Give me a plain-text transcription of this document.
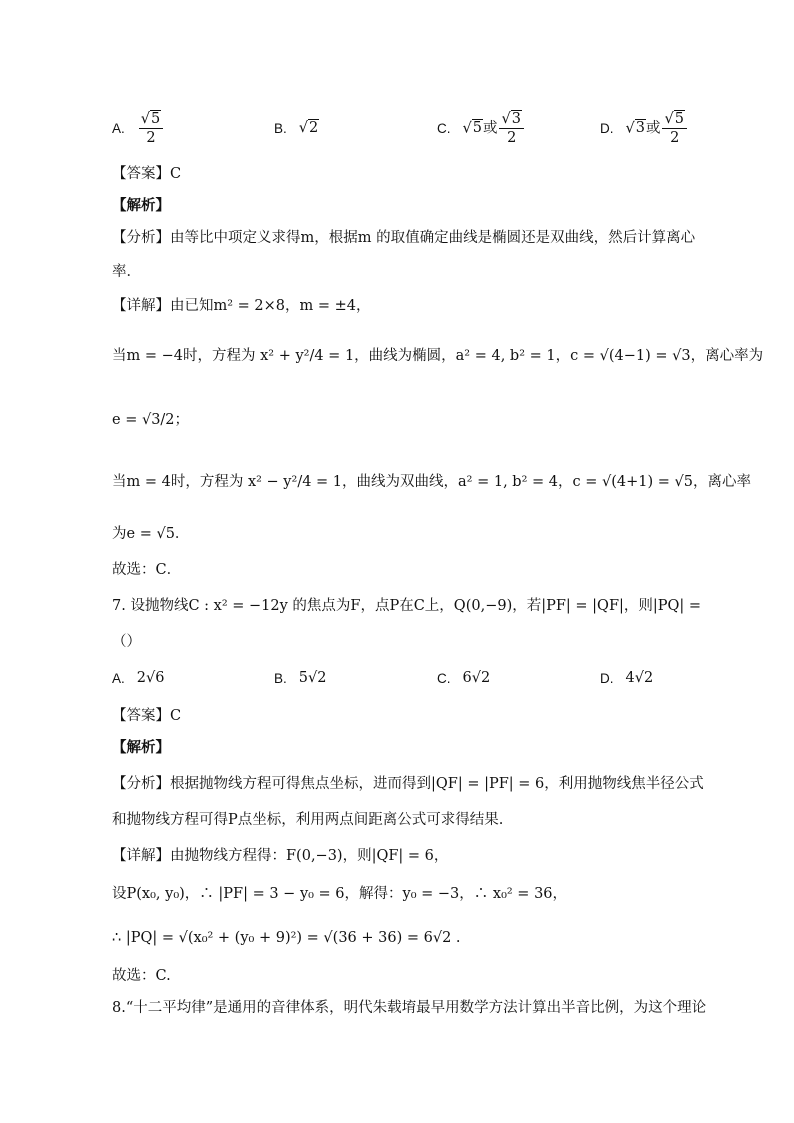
A. $\frac{√5}{2}$	B. √2	C. √5或 $\frac{√3}{2}$	D. √3或 $\frac{√5}{2}$
【答案】C
【解析】
【分析】由等比中项定义求得m，根据m 的取值确定曲线是椭圆还是双曲线，然后计算离心
率．
【详解】由已知m² = 2×8，m = ±4，
当m = −4时，方程为 x² + y²/4 = 1，曲线为椭圆，a² = 4, b² = 1，c = √(4−1) = √3，离心率为
e = √3/2；
当m = 4时，方程为 x² − y²/4 = 1，曲线为双曲线，a² = 1, b² = 4，c = √(4+1) = √5，离心率
为e = √5．
故选：C．
7. 设抛物线C : x² = −12y 的焦点为F，点P在C上，Q(0,−9)，若|PF| = |QF|，则|PQ| =
（）
A. 2√6	B. 5√2	C. 6√2	D. 4√2
【答案】C
【解析】
【分析】根据抛物线方程可得焦点坐标，进而得到|QF| = |PF| = 6，利用抛物线焦半径公式
和抛物线方程可得P点坐标，利用两点间距离公式可求得结果.
【详解】由抛物线方程得：F(0,−3)，则|QF| = 6，
设P(x₀, y₀)，∴ |PF| = 3 − y₀ = 6，解得：y₀ = −3，∴ x₀² = 36，
∴ |PQ| = √(x₀² + (y₀ + 9)²) = √(36 + 36) = 6√2 .
故选：C.
8.“十二平均律”是通用的音律体系，明代朱载堉最早用数学方法计算出半音比例，为这个理论
